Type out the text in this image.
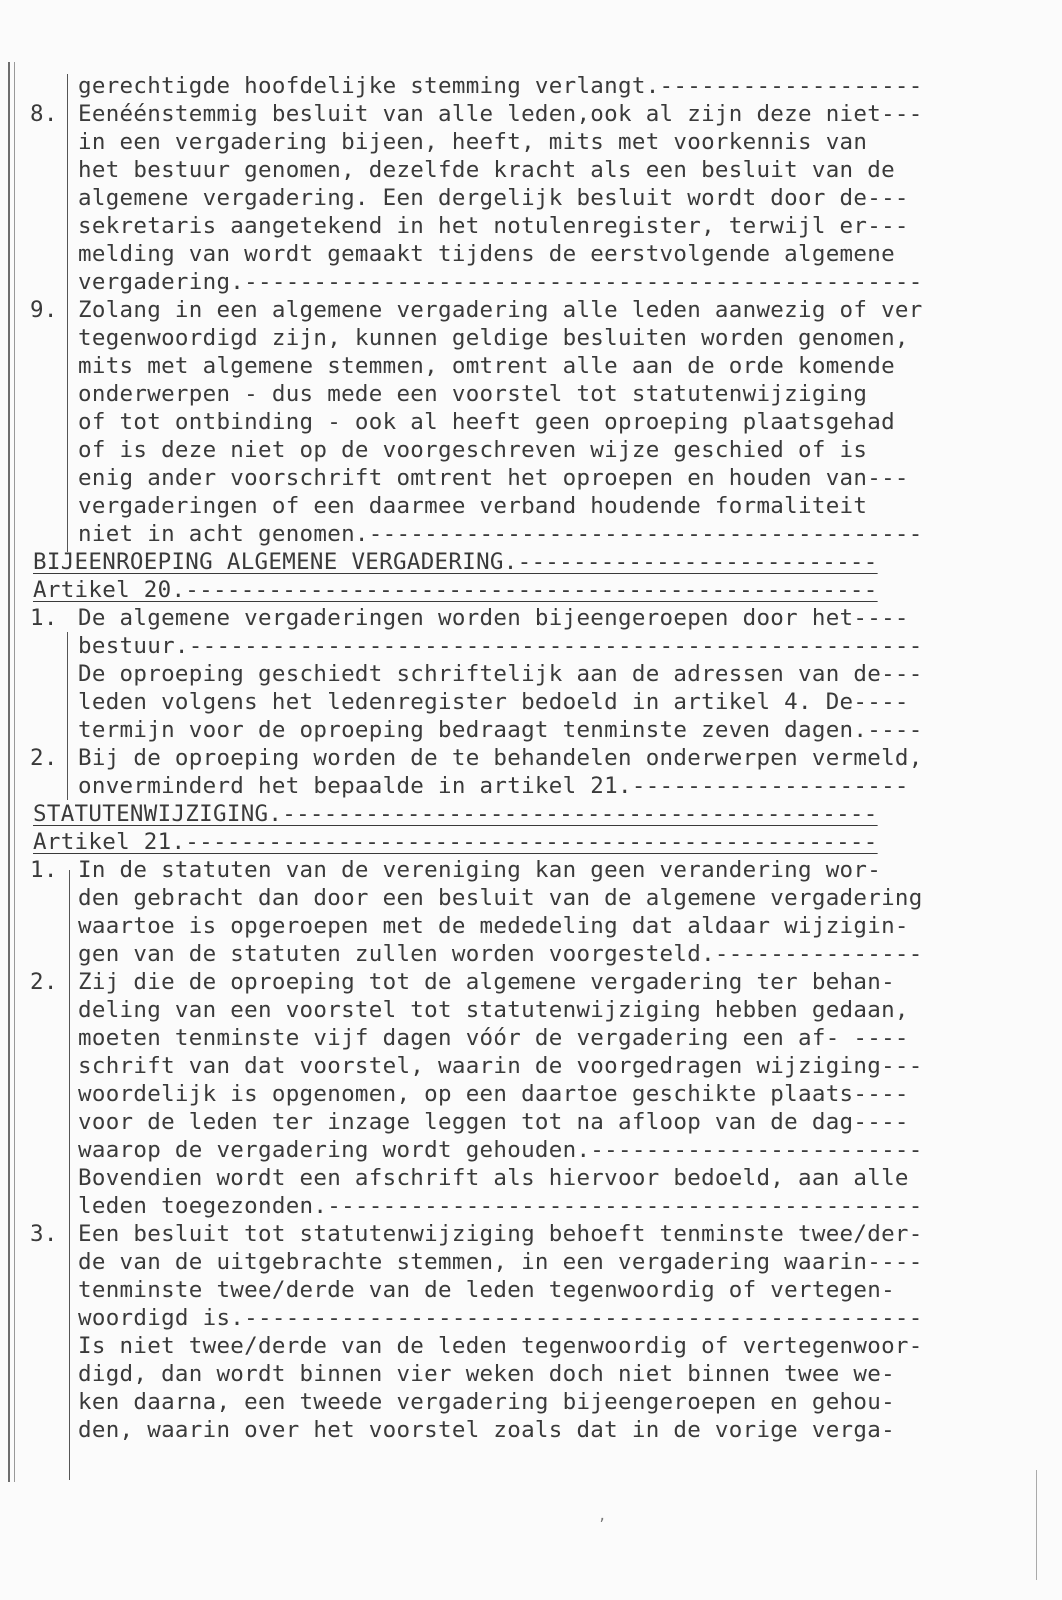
gerechtigde hoofdelijke stemming verlangt.-------------------
8. Eenéénstemmig besluit van alle leden,ook al zijn deze niet---
in een vergadering bijeen, heeft, mits met voorkennis van
het bestuur genomen, dezelfde kracht als een besluit van de
algemene vergadering. Een dergelijk besluit wordt door de---
sekretaris aangetekend in het notulenregister, terwijl er---
melding van wordt gemaakt tijdens de eerstvolgende algemene
vergadering.-------------------------------------------------
9. Zolang in een algemene vergadering alle leden aanwezig of ver
tegenwoordigd zijn, kunnen geldige besluiten worden genomen,
mits met algemene stemmen, omtrent alle aan de orde komende
onderwerpen - dus mede een voorstel tot statutenwijziging
of tot ontbinding - ook al heeft geen oproeping plaatsgehad
of is deze niet op de voorgeschreven wijze geschied of is
enig ander voorschrift omtrent het oproepen en houden van---
vergaderingen of een daarmee verband houdende formaliteit
niet in acht genomen.----------------------------------------
BIJEENROEPING ALGEMENE VERGADERING.--------------------------
Artikel 20.--------------------------------------------------
1. De algemene vergaderingen worden bijeengeroepen door het----
bestuur.-----------------------------------------------------
De oproeping geschiedt schriftelijk aan de adressen van de---
leden volgens het ledenregister bedoeld in artikel 4. De----
termijn voor de oproeping bedraagt tenminste zeven dagen.----
2. Bij de oproeping worden de te behandelen onderwerpen vermeld,
onverminderd het bepaalde in artikel 21.--------------------
STATUTENWIJZIGING.-------------------------------------------
Artikel 21.--------------------------------------------------
1. In de statuten van de vereniging kan geen verandering wor-
den gebracht dan door een besluit van de algemene vergadering
waartoe is opgeroepen met de mededeling dat aldaar wijzigin-
gen van de statuten zullen worden voorgesteld.---------------
2. Zij die de oproeping tot de algemene vergadering ter behan-
deling van een voorstel tot statutenwijziging hebben gedaan,
moeten tenminste vijf dagen vóór de vergadering een af- ----
schrift van dat voorstel, waarin de voorgedragen wijziging---
woordelijk is opgenomen, op een daartoe geschikte plaats----
voor de leden ter inzage leggen tot na afloop van de dag----
waarop de vergadering wordt gehouden.------------------------
Bovendien wordt een afschrift als hiervoor bedoeld, aan alle
leden toegezonden.-------------------------------------------
3. Een besluit tot statutenwijziging behoeft tenminste twee/der-
de van de uitgebrachte stemmen, in een vergadering waarin----
tenminste twee/derde van de leden tegenwoordig of vertegen-
woordigd is.-------------------------------------------------
Is niet twee/derde van de leden tegenwoordig of vertegenwoor-
digd, dan wordt binnen vier weken doch niet binnen twee we-
ken daarna, een tweede vergadering bijeengeroepen en gehou-
den, waarin over het voorstel zoals dat in de vorige verga-
,
